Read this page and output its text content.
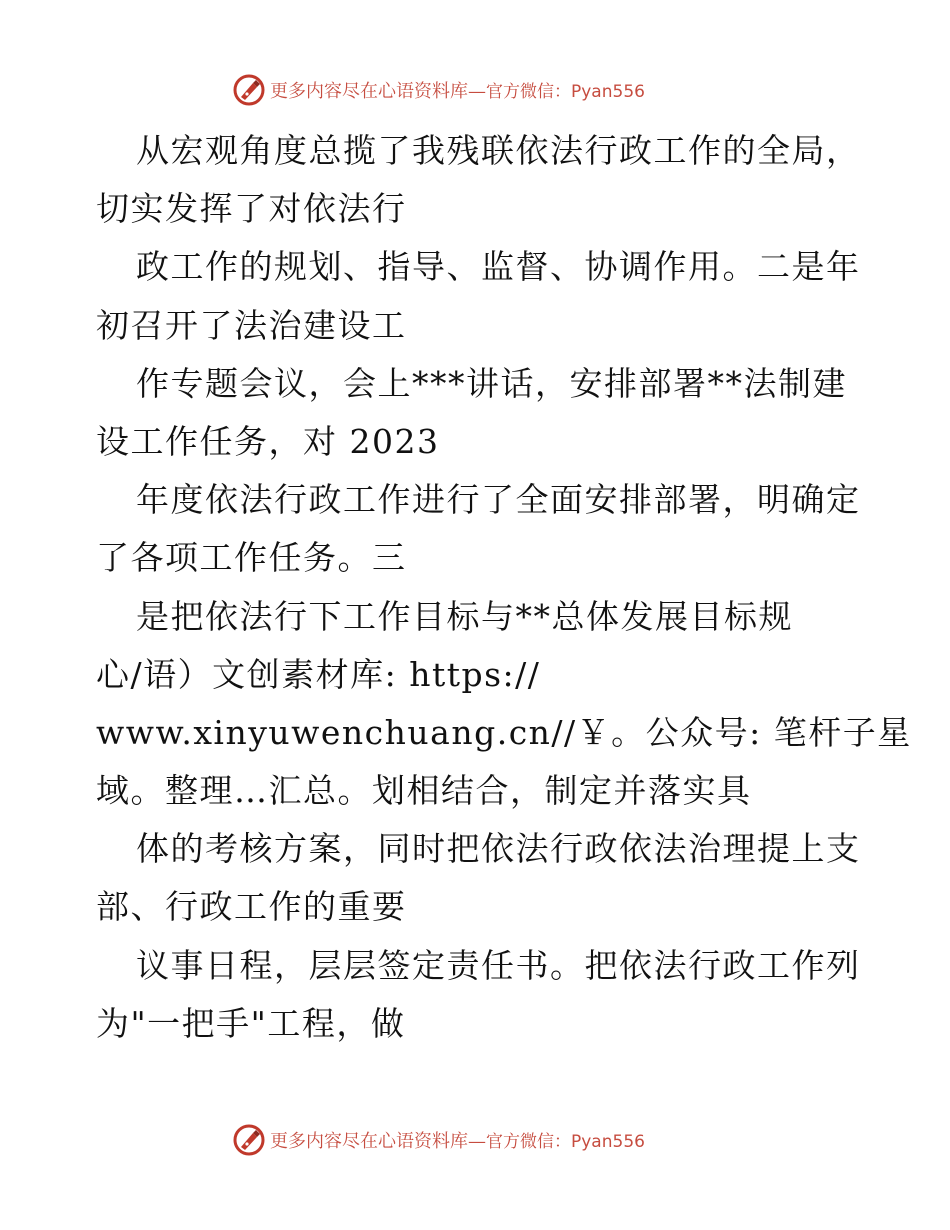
更多内容尽在心语资料库—官方微信：Pyan556
从宏观角度总揽了我残联依法行政工作的全局，
切实发挥了对依法行
政工作的规划、指导、监督、协调作用。二是年
初召开了法治建设工
作专题会议，会上***讲话，安排部署**法制建
设工作任务，对 2023
年度依法行政工作进行了全面安排部署，明确定
了各项工作任务。三
是把依法行下工作目标与**总体发展目标规
心/语）文创素材库: https://
www.xinyuwenchuang.cn//￥。公众号: 笔杆子星
域。整理…汇总。划相结合，制定并落实具
体的考核方案，同时把依法行政依法治理提上支
部、行政工作的重要
议事日程，层层签定责任书。把依法行政工作列
为"一把手"工程，做
更多内容尽在心语资料库—官方微信：Pyan556
